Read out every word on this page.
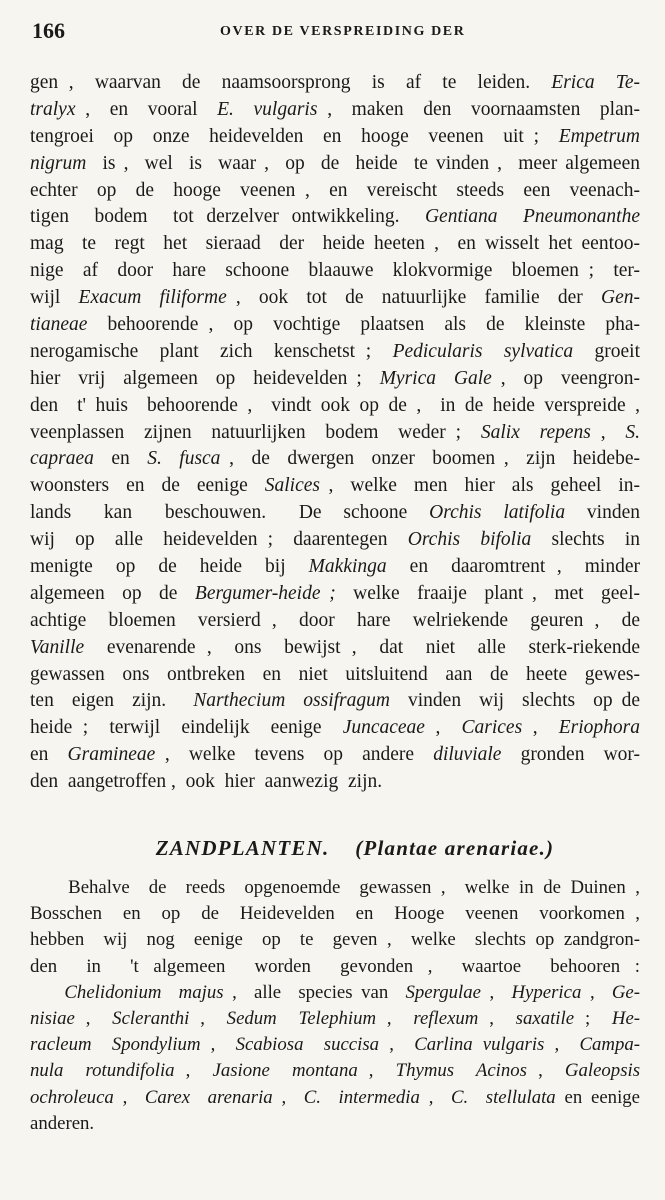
166	OVER DE VERSPREIDING DER
gen ,  waarvan  de  naamsoorsprong  is  af  te  leiden.  Erica  Te-
tralyx ,  en  vooral  E.  vulgaris ,  maken  den  voornaamsten  plan-
tengroei  op  onze  heidevelden  en  hooge  veenen  uit ;  Empetrum
nigrum  is ,  wel  is  waar ,  op  de  heide  te vinden ,  meer algemeen
echter  op  de  hooge  veenen ,  en  vereischt  steeds  een  veenach-
tigen  bodem  tot derzelver ontwikkeling.  Gentiana  Pneumonanthe
mag  te  regt  het  sieraad  der  heide heeten ,  en wisselt het eentoo-
nige  af  door  hare  schoone  blaauwe  klokvormige  bloemen ;  ter-
wijl  Exacum  filiforme ,  ook  tot  de  natuurlijke  familie  der  Gen-
tianeae  behoorende ,  op  vochtige  plaatsen  als  de  kleinste  pha-
nerogamische  plant  zich  kenschetst ;  Pedicularis  sylvatica  groeit
hier  vrij  algemeen  op  heidevelden ;  Myrica  Gale ,  op  veengron-
den  t' huis  behoorende ,  vindt ook op de ,  in de heide verspreide ,
veenplassen  zijnen  natuurlijken  bodem  weder ;  Salix  repens ,  S.
capraea  en  S.  fusca ,  de  dwergen  onzer  boomen ,  zijn  heidebe-
woonsters  en  de  eenige  Salices ,  welke  men  hier  als  geheel  in-
lands   kan   beschouwen.   De  schoone  Orchis  latifolia  vinden
wij  op  alle  heidevelden ;  daarentegen  Orchis  bifolia  slechts  in
menigte  op  de  heide  bij  Makkinga  en  daaromtrent ,  minder
algemeen  op  de  Bergumer-heide ;  welke  fraaije  plant ,  met  geel-
achtige  bloemen  versierd ,  door  hare  welriekende  geuren ,  de
Vanille  evenarende ,  ons  bewijst ,  dat  niet  alle  sterk-riekende
gewassen  ons  ontbreken  en  niet  uitsluitend  aan  de  heete  gewes-
ten  eigen  zijn.   Narthecium  ossifragum  vinden  wij  slechts  op de
heide ;  terwijl  eindelijk  eenige  Juncaceae ,  Carices ,  Eriophora
en  Gramineae ,  welke  tevens  op  andere  diluviale  gronden  wor-
den  aangetroffen ,  ook  hier  aanwezig  zijn.
ZANDPLANTEN. (Plantae arenariae.)
Behalve  de  reeds  opgenoemde  gewassen ,  welke in de Duinen ,
Bosschen  en  op  de  Heidevelden  en  Hooge  veenen  voorkomen ,
hebben  wij  nog  eenige  op  te  geven ,  welke  slechts op zandgron-
den  in  't algemeen  worden  gevonden ,  waartoe  behooren :
Chelidonium  majus ,  alle  species van  Spergulae ,  Hyperica ,  Ge-
nisiae ,  Scleranthi ,  Sedum  Telephium ,  reflexum ,  saxatile ;  He-
racleum  Spondylium ,  Scabiosa  succisa ,  Carlina vulgaris ,  Campa-
nula  rotundifolia ,  Jasione  montana ,  Thymus  Acinos ,  Galeopsis
ochroleuca ,  Carex  arenaria ,  C.  intermedia ,  C.  stellulata en eenige
anderen.
